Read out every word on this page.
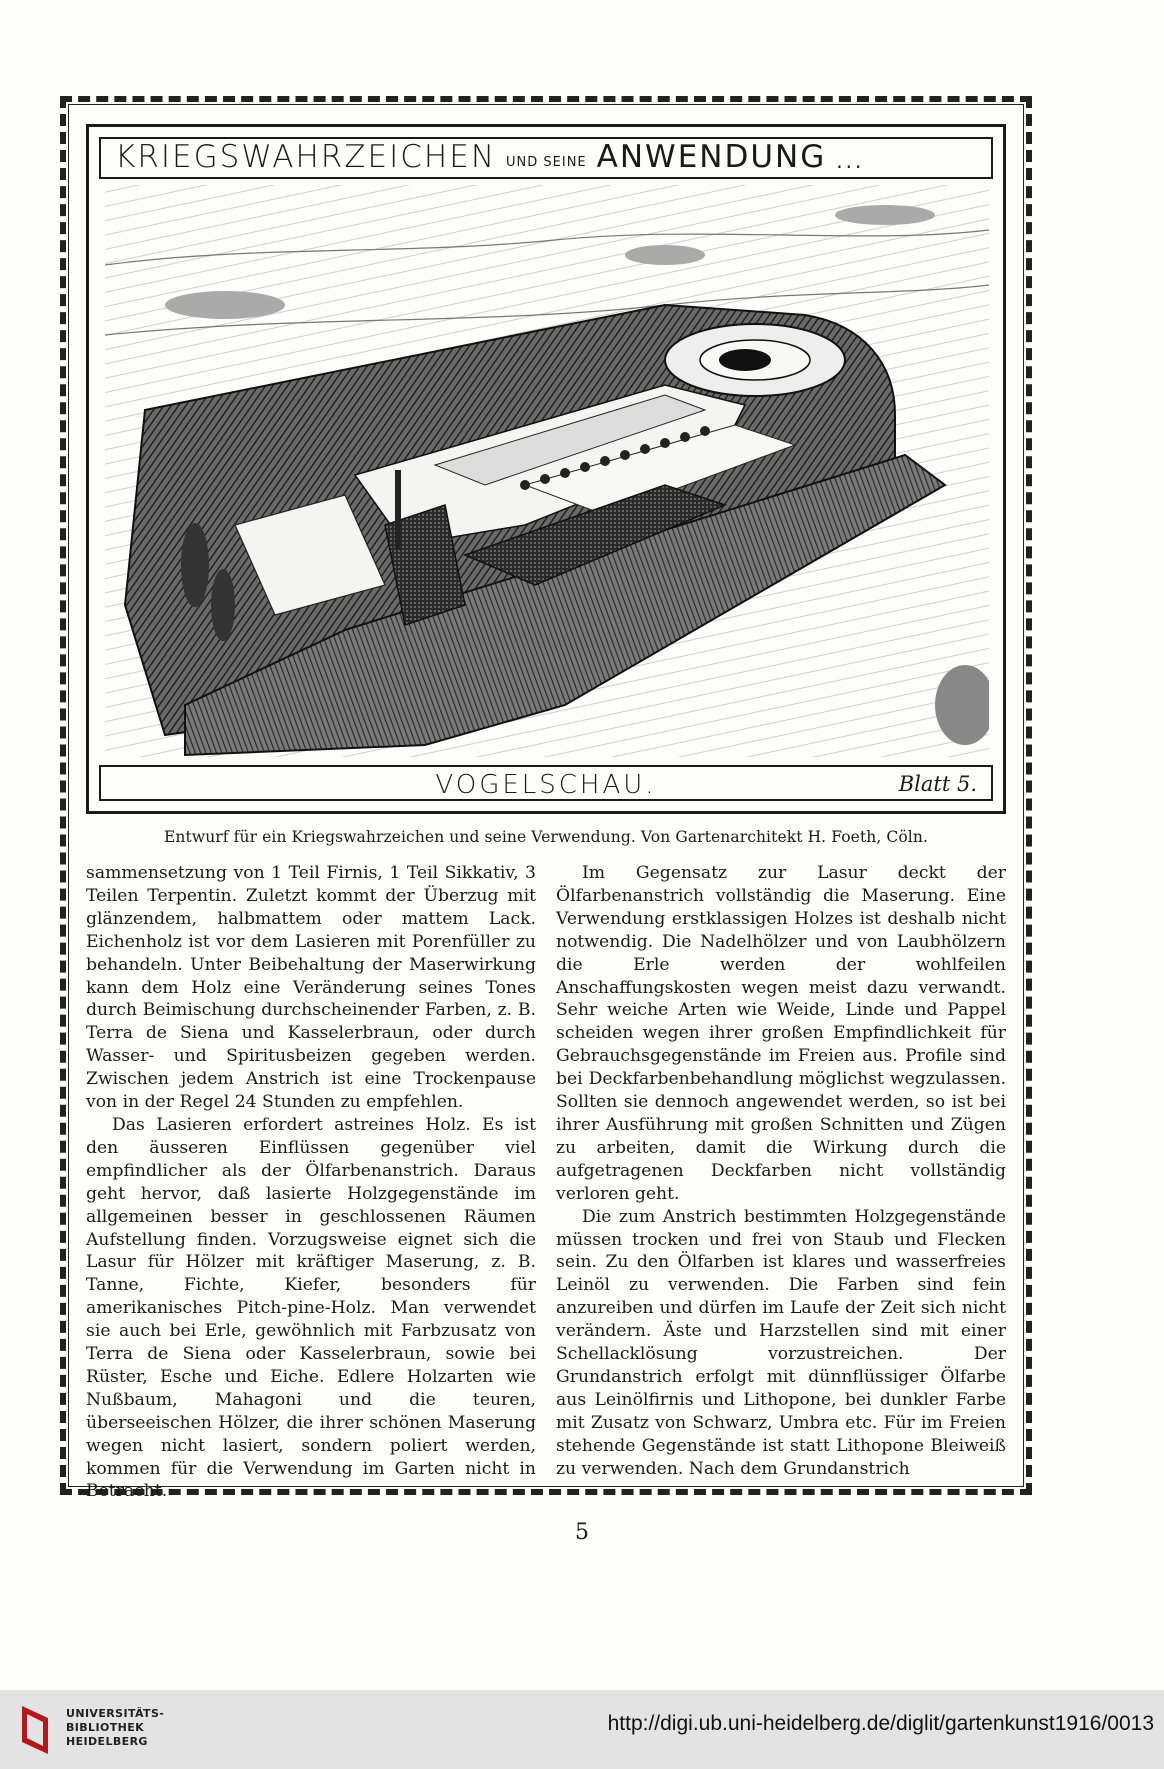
KRIEGSWAHRZEICHEN UND SEINE ANWENDUNG ...
VOGELSCHAU.	Blatt 5.
Entwurf für ein Kriegswahrzeichen und seine Verwendung. Von Gartenarchitekt H. Foeth, Cöln.

sammensetzung von 1 Teil Firnis, 1 Teil Sikkativ, 3 Teilen Terpentin. Zuletzt kommt der Überzug mit glänzendem, halbmattem oder mattem Lack. Eichenholz ist vor dem Lasieren mit Porenfüller zu behandeln. Unter Beibehaltung der Maserwirkung kann dem Holz eine Veränderung seines Tones durch Beimischung durchscheinender Farben, z. B. Terra de Siena und Kasselerbraun, oder durch Wasser- und Spiritusbeizen gegeben werden. Zwischen jedem Anstrich ist eine Trockenpause von in der Regel 24 Stunden zu empfehlen.

Das Lasieren erfordert astreines Holz. Es ist den äusseren Einflüssen gegenüber viel empfindlicher als der Ölfarbenanstrich. Daraus geht hervor, daß lasierte Holzgegenstände im allgemeinen besser in geschlossenen Räumen Aufstellung finden. Vorzugsweise eignet sich die Lasur für Hölzer mit kräftiger Maserung, z. B. Tanne, Fichte, Kiefer, besonders für amerikanisches Pitch-pine-Holz. Man verwendet sie auch bei Erle, gewöhnlich mit Farbzusatz von Terra de Siena oder Kasselerbraun, sowie bei Rüster, Esche und Eiche. Edlere Holzarten wie Nußbaum, Mahagoni und die teuren, überseeischen Hölzer, die ihrer schönen Maserung wegen nicht lasiert, sondern poliert werden, kommen für die Verwendung im Garten nicht in Betracht.

Im Gegensatz zur Lasur deckt der Ölfarbenanstrich vollständig die Maserung. Eine Verwendung erstklassigen Holzes ist deshalb nicht notwendig. Die Nadelhölzer und von Laubhölzern die Erle werden der wohlfeilen Anschaffungskosten wegen meist dazu verwandt. Sehr weiche Arten wie Weide, Linde und Pappel scheiden wegen ihrer großen Empfindlichkeit für Gebrauchsgegenstände im Freien aus. Profile sind bei Deckfarbenbehandlung möglichst wegzulassen. Sollten sie dennoch angewendet werden, so ist bei ihrer Ausführung mit großen Schnitten und Zügen zu arbeiten, damit die Wirkung durch die aufgetragenen Deckfarben nicht vollständig verloren geht.

Die zum Anstrich bestimmten Holzgegenstände müssen trocken und frei von Staub und Flecken sein. Zu den Ölfarben ist klares und wasserfreies Leinöl zu verwenden. Die Farben sind fein anzureiben und dürfen im Laufe der Zeit sich nicht verändern. Äste und Harzstellen sind mit einer Schellacklösung vorzustreichen. Der Grundanstrich erfolgt mit dünnflüssiger Ölfarbe aus Leinölfirnis und Lithopone, bei dunkler Farbe mit Zusatz von Schwarz, Umbra etc. Für im Freien stehende Gegenstände ist statt Lithopone Bleiweiß zu verwenden. Nach dem Grundanstrich

5
UNIVERSITÄTS-
BIBLIOTHEK
HEIDELBERG
http://digi.ub.uni-heidelberg.de/diglit/gartenkunst1916/0013
